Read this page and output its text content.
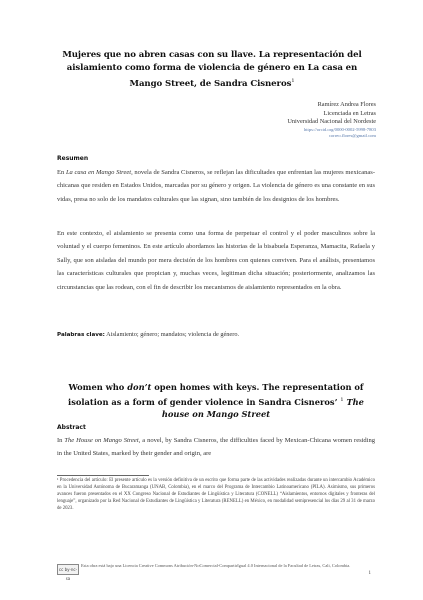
Mujeres que no abren casas con su llave. La representación del aislamiento como forma de violencia de género en La casa en Mango Street, de Sandra Cisneros$^1$
Ramírez Andrea Flores
Licenciada en Letras
Universidad Nacional del Nordeste
https://orcid.org/0000-0002-5998-7803
correo.flores@gmail.com
Resumen
En La casa en Mango Street, novela de Sandra Cisneros, se reflejan las dificultades que enfrentan las mujeres mexicanas-chicanas que residen en Estados Unidos, marcadas por su género y origen. La violencia de género es una constante en sus vidas, presa no solo de los mandatos culturales que las signan, sino también de los designios de los hombres.
En este contexto, el aislamiento se presenta como una forma de perpetuar el control y el poder masculinos sobre la voluntad y el cuerpo femeninos. En este artículo abordamos las historias de la bisabuela Esperanza, Mamacita, Rafaela y Sally, que son aisladas del mundo por mera decisión de los hombres con quienes conviven. Para el análisis, presentamos las características culturales que propician y, muchas veces, legitiman dicha situación; posteriormente, analizamos las circunstancias que las rodean, con el fin de describir los mecanismos de aislamiento representados en la obra.
Palabras clave: Aislamiento; género; mandatos; violencia de género.
Women who don’t open homes with keys. The representation of isolation as a form of gender violence in Sandra Cisneros’ $^1$ The house on Mango Street
Abstract
In The House on Mango Street, a novel, by Sandra Cisneros, the difficulties faced by Mexican-Chicana women residing in the United States, marked by their gender and origin, are
¹ Procedencia del artículo: El presente artículo es la versión definitiva de un escrito que forma parte de las actividades realizadas durante un intercambio Académico en la Universidad Autónoma de Bucaramanga (UNAB, Colombia), en el marco del Programa de Intercambio Latinoamericano (PILA). Asimismo, sus primeros avances fueron presentados en el XX Congreso Nacional de Estudiantes de Lingüística y Literatura (CONELL) “Aislamientos, entornos digitales y fronteras del lenguaje”, organizado por la Red Nacional de Estudiantes de Lingüística y Literatura (RENELL) en México, en modalidad semipresencial los días 29 al 31 de marzo de 2023.
cc by-nc-sa
Esta obra está bajo una Licencia Creative Commons Atribución-NoComercial-CompartirIgual 4.0 Internacional de la Facultad de Letras, Cali, Colombia.
1
